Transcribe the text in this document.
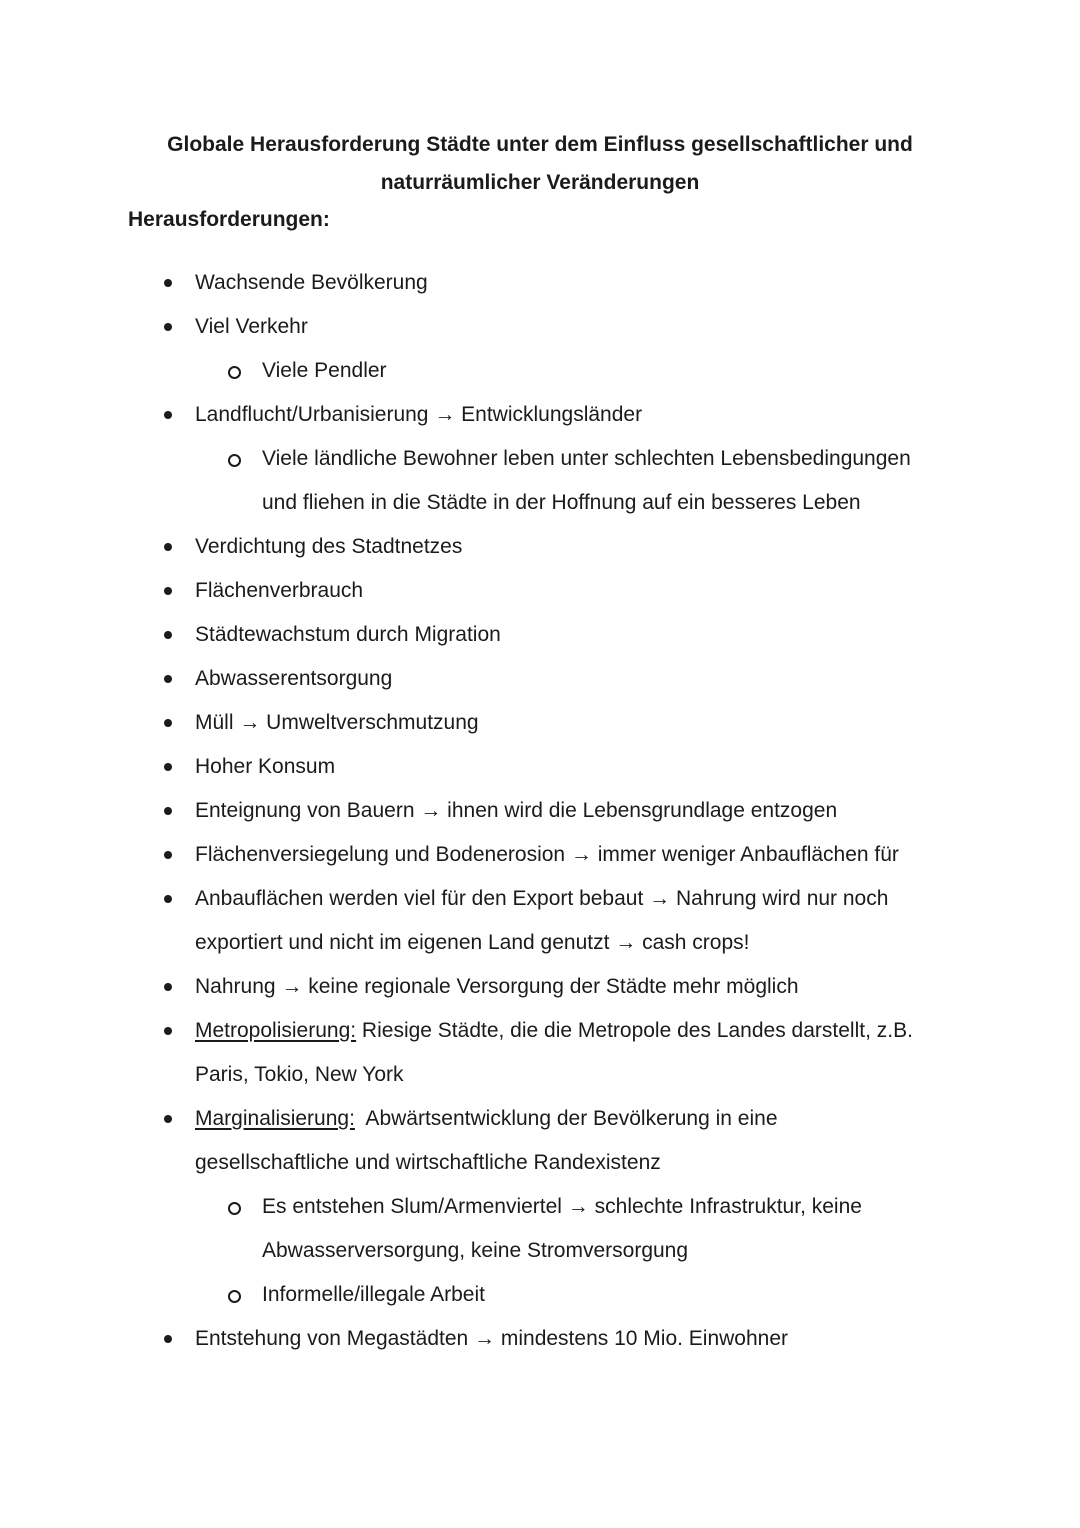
Globale Herausforderung Städte unter dem Einfluss gesellschaftlicher und
naturräumlicher Veränderungen
Herausforderungen:
Wachsende Bevölkerung
Viel Verkehr
Viele Pendler
Landflucht/Urbanisierung → Entwicklungsländer
Viele ländliche Bewohner leben unter schlechten Lebensbedingungen
und fliehen in die Städte in der Hoffnung auf ein besseres Leben
Verdichtung des Stadtnetzes
Flächenverbrauch
Städtewachstum durch Migration
Abwasserentsorgung
Müll → Umweltverschmutzung
Hoher Konsum
Enteignung von Bauern → ihnen wird die Lebensgrundlage entzogen
Flächenversiegelung und Bodenerosion → immer weniger Anbauflächen für
Anbauflächen werden viel für den Export bebaut → Nahrung wird nur noch
exportiert und nicht im eigenen Land genutzt → cash crops!
Nahrung → keine regionale Versorgung der Städte mehr möglich
Metropolisierung: Riesige Städte, die die Metropole des Landes darstellt, z.B.
Paris, Tokio, New York
Marginalisierung:  Abwärtsentwicklung der Bevölkerung in eine
gesellschaftliche und wirtschaftliche Randexistenz
Es entstehen Slum/Armenviertel → schlechte Infrastruktur, keine
Abwasserversorgung, keine Stromversorgung
Informelle/illegale Arbeit
Entstehung von Megastädten → mindestens 10 Mio. Einwohner
